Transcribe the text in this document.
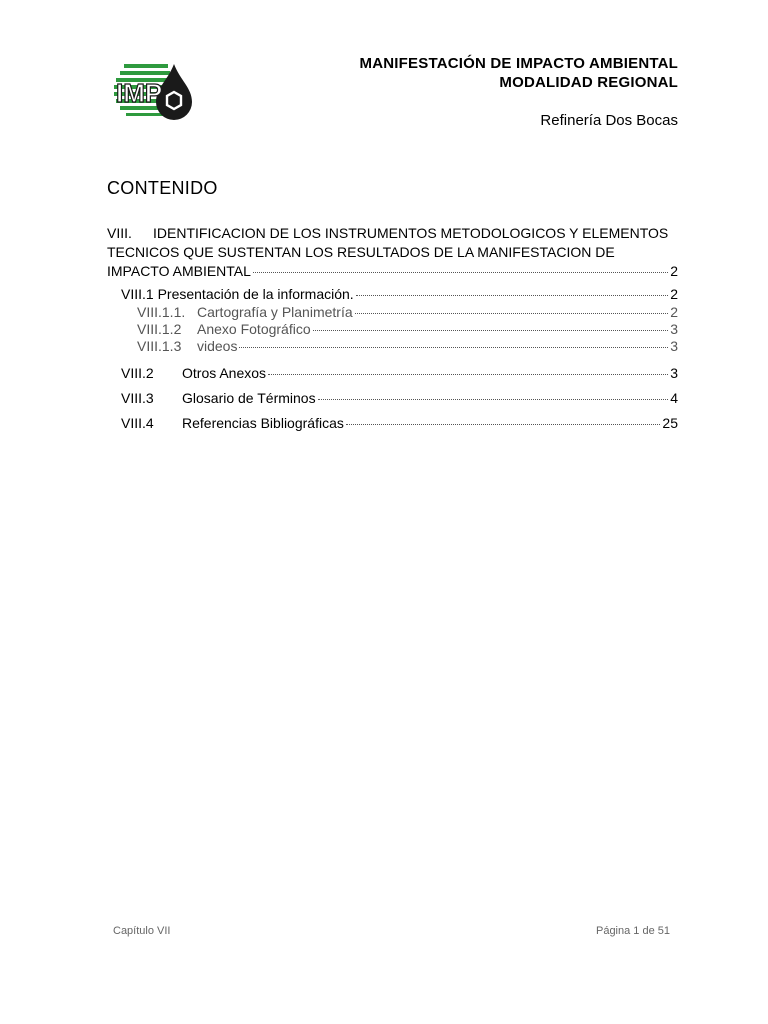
IMP

MANIFESTACIÓN DE IMPACTO AMBIENTAL

MODALIDAD REGIONAL

Refinería Dos Bocas
CONTENIDO
VIII.	IDENTIFICACION DE LOS INSTRUMENTOS METODOLOGICOS Y ELEMENTOS
TECNICOS QUE SUSTENTAN LOS RESULTADOS DE LA MANIFESTACION DE
IMPACTO AMBIENTAL	2
VIII.1 Presentación de la información.	2
VIII.1.1. Cartografía y Planimetría	2
VIII.1.2	Anexo Fotográfico	3
VIII.1.3	videos	3
VIII.2	Otros Anexos	3
VIII.3	Glosario de Términos	4
VIII.4	Referencias Bibliográficas	25
Capítulo VII	Página 1 de 51
